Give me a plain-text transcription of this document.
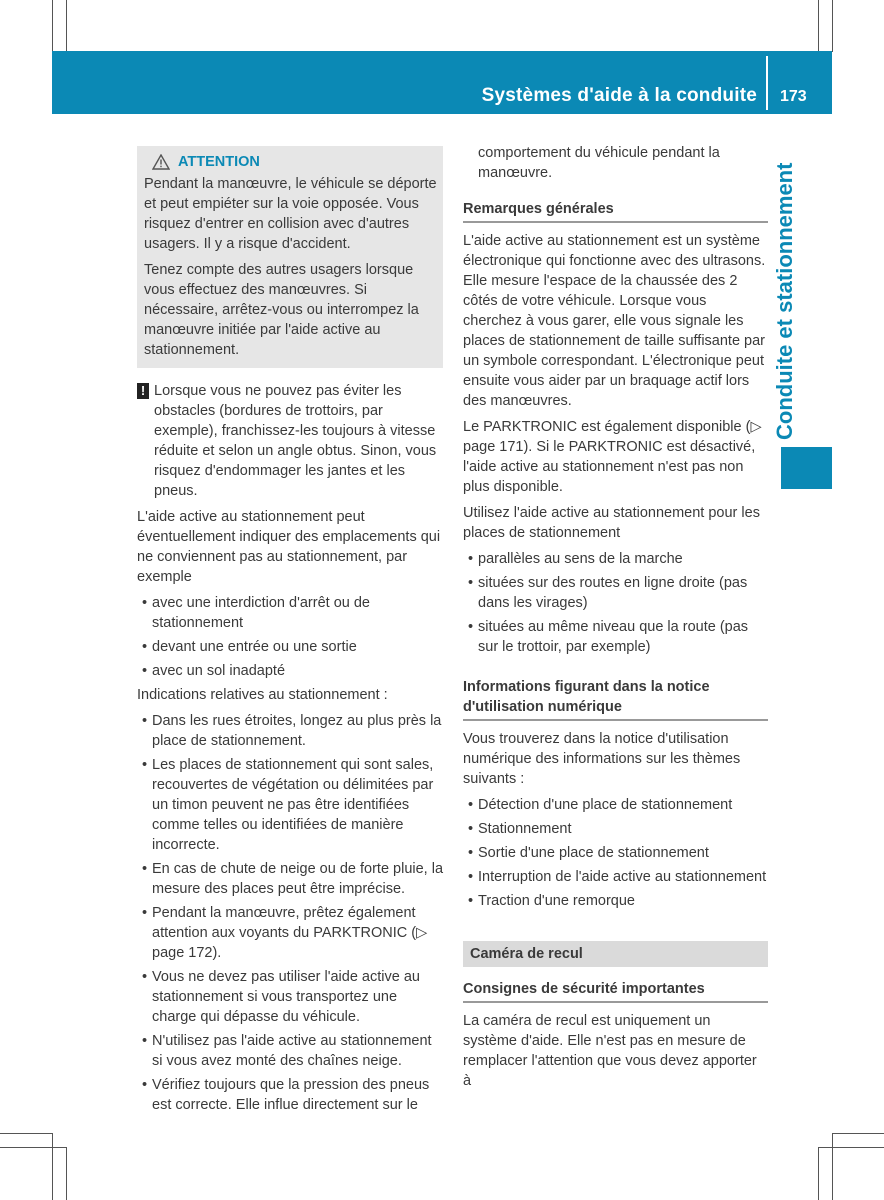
Systèmes d'aide à la conduite 173
Conduite et stationnement
ATTENTION

Pendant la manœuvre, le véhicule se déporte et peut empiéter sur la voie opposée. Vous risquez d'entrer en collision avec d'autres usagers. Il y a risque d'accident.

Tenez compte des autres usagers lorsque vous effectuez des manœuvres. Si nécessaire, arrêtez-vous ou interrompez la manœuvre initiée par l'aide active au stationnement.

! Lorsque vous ne pouvez pas éviter les obstacles (bordures de trottoirs, par exemple), franchissez-les toujours à vitesse réduite et selon un angle obtus. Sinon, vous risquez d'endommager les jantes et les pneus.

L'aide active au stationnement peut éventuellement indiquer des emplacements qui ne conviennent pas au stationnement, par exemple

• avec une interdiction d'arrêt ou de stationnement
• devant une entrée ou une sortie
• avec un sol inadapté

Indications relatives au stationnement :

• Dans les rues étroites, longez au plus près la place de stationnement.
• Les places de stationnement qui sont sales, recouvertes de végétation ou délimitées par un timon peuvent ne pas être identifiées comme telles ou identifiées de manière incorrecte.
• En cas de chute de neige ou de forte pluie, la mesure des places peut être imprécise.
• Pendant la manœuvre, prêtez également attention aux voyants du PARKTRONIC (▷ page 172).
• Vous ne devez pas utiliser l'aide active au stationnement si vous transportez une charge qui dépasse du véhicule.
• N'utilisez pas l'aide active au stationnement si vous avez monté des chaînes neige.
• Vérifiez toujours que la pression des pneus est correcte. Elle influe directement sur le

comportement du véhicule pendant la manœuvre.

Remarques générales

L'aide active au stationnement est un système électronique qui fonctionne avec des ultrasons. Elle mesure l'espace de la chaussée des 2 côtés de votre véhicule. Lorsque vous cherchez à vous garer, elle vous signale les places de stationnement de taille suffisante par un symbole correspondant. L'électronique peut ensuite vous aider par un braquage actif lors des manœuvres.

Le PARKTRONIC est également disponible (▷ page 171). Si le PARKTRONIC est désactivé, l'aide active au stationnement n'est pas non plus disponible.

Utilisez l'aide active au stationnement pour les places de stationnement

• parallèles au sens de la marche
• situées sur des routes en ligne droite (pas dans les virages)
• situées au même niveau que la route (pas sur le trottoir, par exemple)
Informations figurant dans la notice d'utilisation numérique

Vous trouverez dans la notice d'utilisation numérique des informations sur les thèmes suivants :

• Détection d'une place de stationnement
• Stationnement
• Sortie d'une place de stationnement
• Interruption de l'aide active au stationnement
• Traction d'une remorque
Caméra de recul
Consignes de sécurité importantes

La caméra de recul est uniquement un système d'aide. Elle n'est pas en mesure de remplacer l'attention que vous devez apporter à
